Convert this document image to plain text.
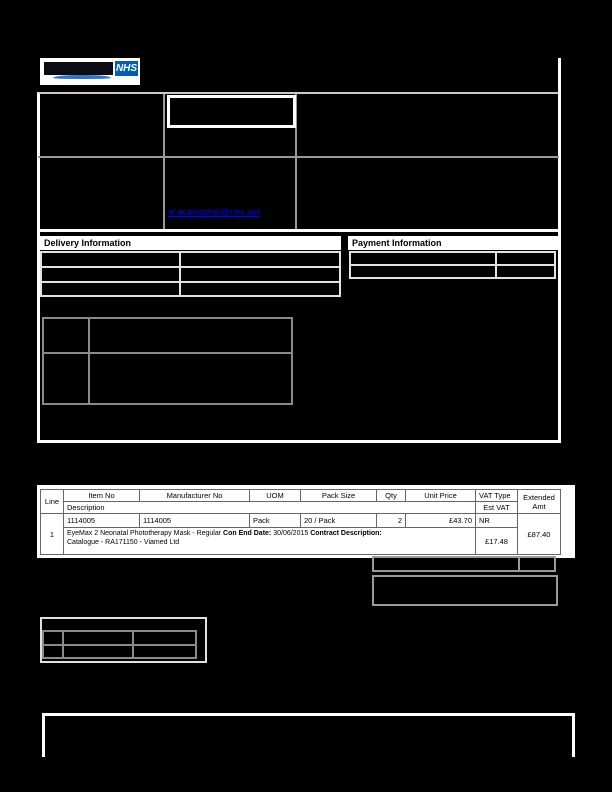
NHS
sf.acanlasfob@nhs.net
Delivery Information

		Payment Information

Line	Item No	Manufacturer No	UOM	Pack Size	Qty	Unit Price	VAT Type	Extended Amt
	Description						Est VAT	
1	1114005	1114005	Pack	20 / Pack	2	£43.70	NR	£87.40
	EyeMax 2 Neonatal Phototherapy Mask - Regular Con End Date: 30/06/2015 Contract Description:
Catalogue - RA171150 - Viamed Ltd						£17.48	
